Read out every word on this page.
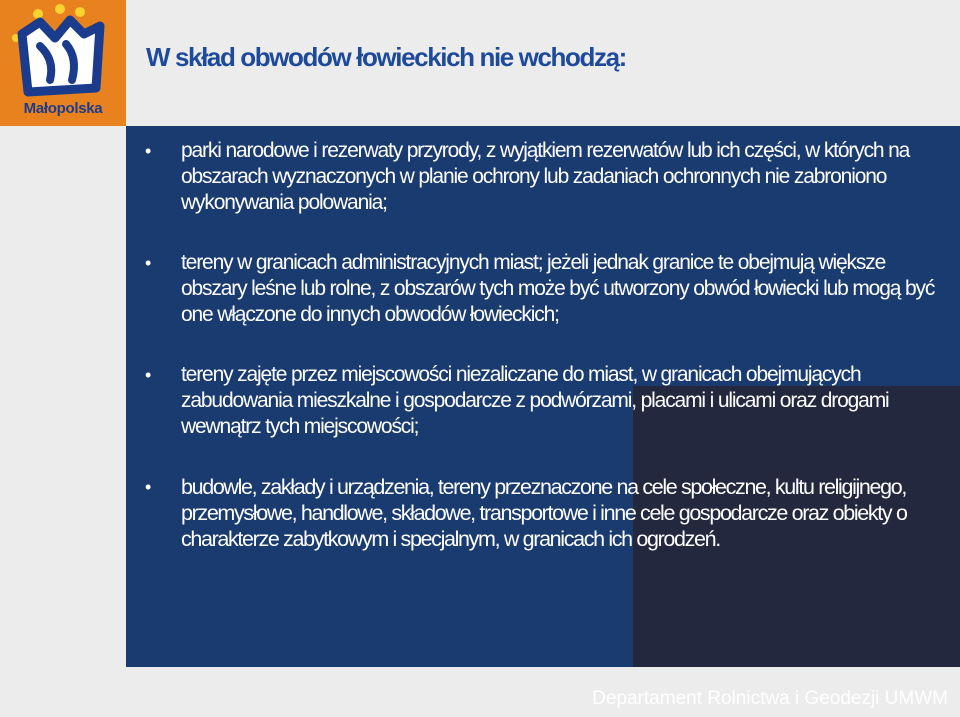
Małopolska
W skład obwodów łowieckich nie wchodzą:
• parki narodowe i rezerwaty przyrody, z wyjątkiem rezerwatów lub ich części, w których na obszarach wyznaczonych w planie ochrony lub zadaniach ochronnych nie zabroniono wykonywania polowania;
• tereny w granicach administracyjnych miast; jeżeli jednak granice te obejmują większe obszary leśne lub rolne, z obszarów tych może być utworzony obwód łowiecki lub mogą być one włączone do innych obwodów łowieckich;
• tereny zajęte przez miejscowości niezaliczane do miast, w granicach obejmujących zabudowania mieszkalne i gospodarcze z podwórzami, placami i ulicami oraz drogami wewnątrz tych miejscowości;
• budowle, zakłady i urządzenia, tereny przeznaczone na cele społeczne, kultu religijnego, przemysłowe, handlowe, składowe, transportowe i inne cele gospodarcze oraz obiekty o charakterze zabytkowym i specjalnym, w granicach ich ogrodzeń.
Departament Rolnictwa i Geodezji UMWM
